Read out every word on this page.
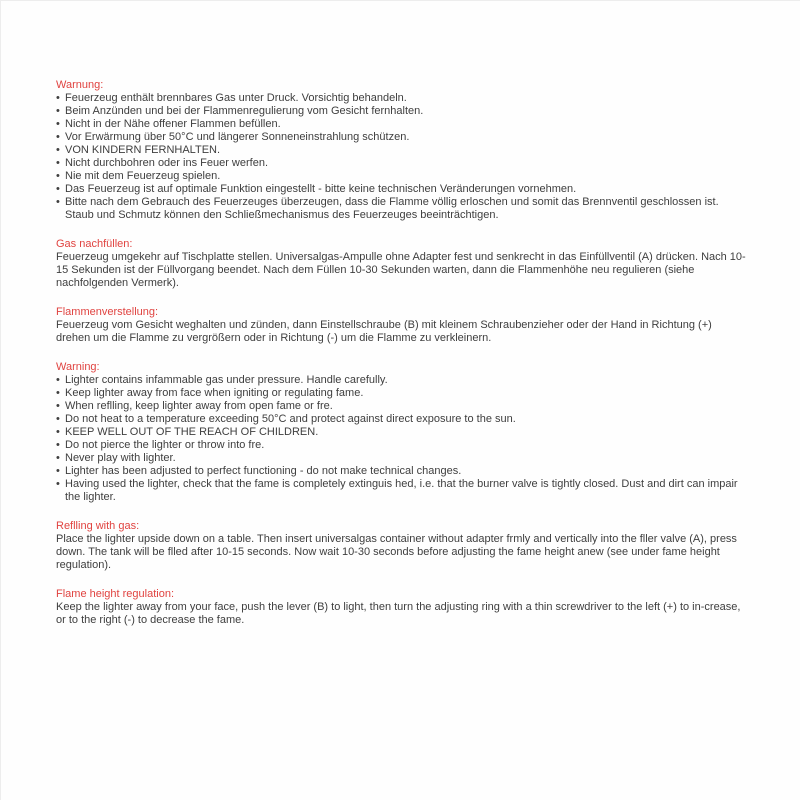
Warnung:
• Feuerzeug enthält brennbares Gas unter Druck. Vorsichtig behandeln.
• Beim Anzünden und bei der Flammenregulierung vom Gesicht fernhalten.
• Nicht in der Nähe offener Flammen befüllen.
• Vor Erwärmung über 50°C und längerer Sonneneinstrahlung schützen.
• VON KINDERN FERNHALTEN.
• Nicht durchbohren oder ins Feuer werfen.
• Nie mit dem Feuerzeug spielen.
• Das Feuerzeug ist auf optimale Funktion eingestellt - bitte keine technischen Veränderungen vornehmen.
• Bitte nach dem Gebrauch des Feuerzeuges überzeugen, dass die Flamme völlig erloschen und somit das Brennventil geschlossen ist. Staub und Schmutz können den Schließmechanismus des Feuerzeuges beeinträchtigen.
Gas nachfüllen:

Feuerzeug umgekehr auf Tischplatte stellen. Universalgas-Ampulle ohne Adapter fest und senkrecht in das Einfüllventil (A) drücken. Nach 10-15 Sekunden ist der Füllvorgang beendet. Nach dem Füllen 10-30 Sekunden warten, dann die Flammenhöhe neu regulieren (siehe nachfolgenden Vermerk).

Flammenverstellung:

Feuerzeug vom Gesicht weghalten und zünden, dann Einstellschraube (B) mit kleinem Schraubenzieher oder der Hand in Richtung (+) drehen um die Flamme zu vergrößern oder in Richtung (-) um die Flamme zu verkleinern.

Warning:
• Lighter contains infammable gas under pressure. Handle carefully.
• Keep lighter away from face when igniting or regulating fame.
• When reflling, keep lighter away from open fame or fre.
• Do not heat to a temperature exceeding 50°C and protect against direct exposure to the sun.
• KEEP WELL OUT OF THE REACH OF CHILDREN.
• Do not pierce the lighter or throw into fre.
• Never play with lighter.
• Lighter has been adjusted to perfect functioning - do not make technical changes.
• Having used the lighter, check that the fame is completely extinguis hed, i.e. that the burner valve is tightly closed. Dust and dirt can impair the lighter.
Reflling with gas:

Place the lighter upside down on a table. Then insert universalgas container without adapter frmly and vertically into the fller valve (A), press down. The tank will be flled after 10-15 seconds. Now wait 10-30 seconds before adjusting the fame height anew (see under fame height regulation).

Flame height regulation:

Keep the lighter away from your face, push the lever (B) to light, then turn the adjusting ring with a thin screwdriver to the left (+) to in-crease, or to the right (-) to decrease the fame.
